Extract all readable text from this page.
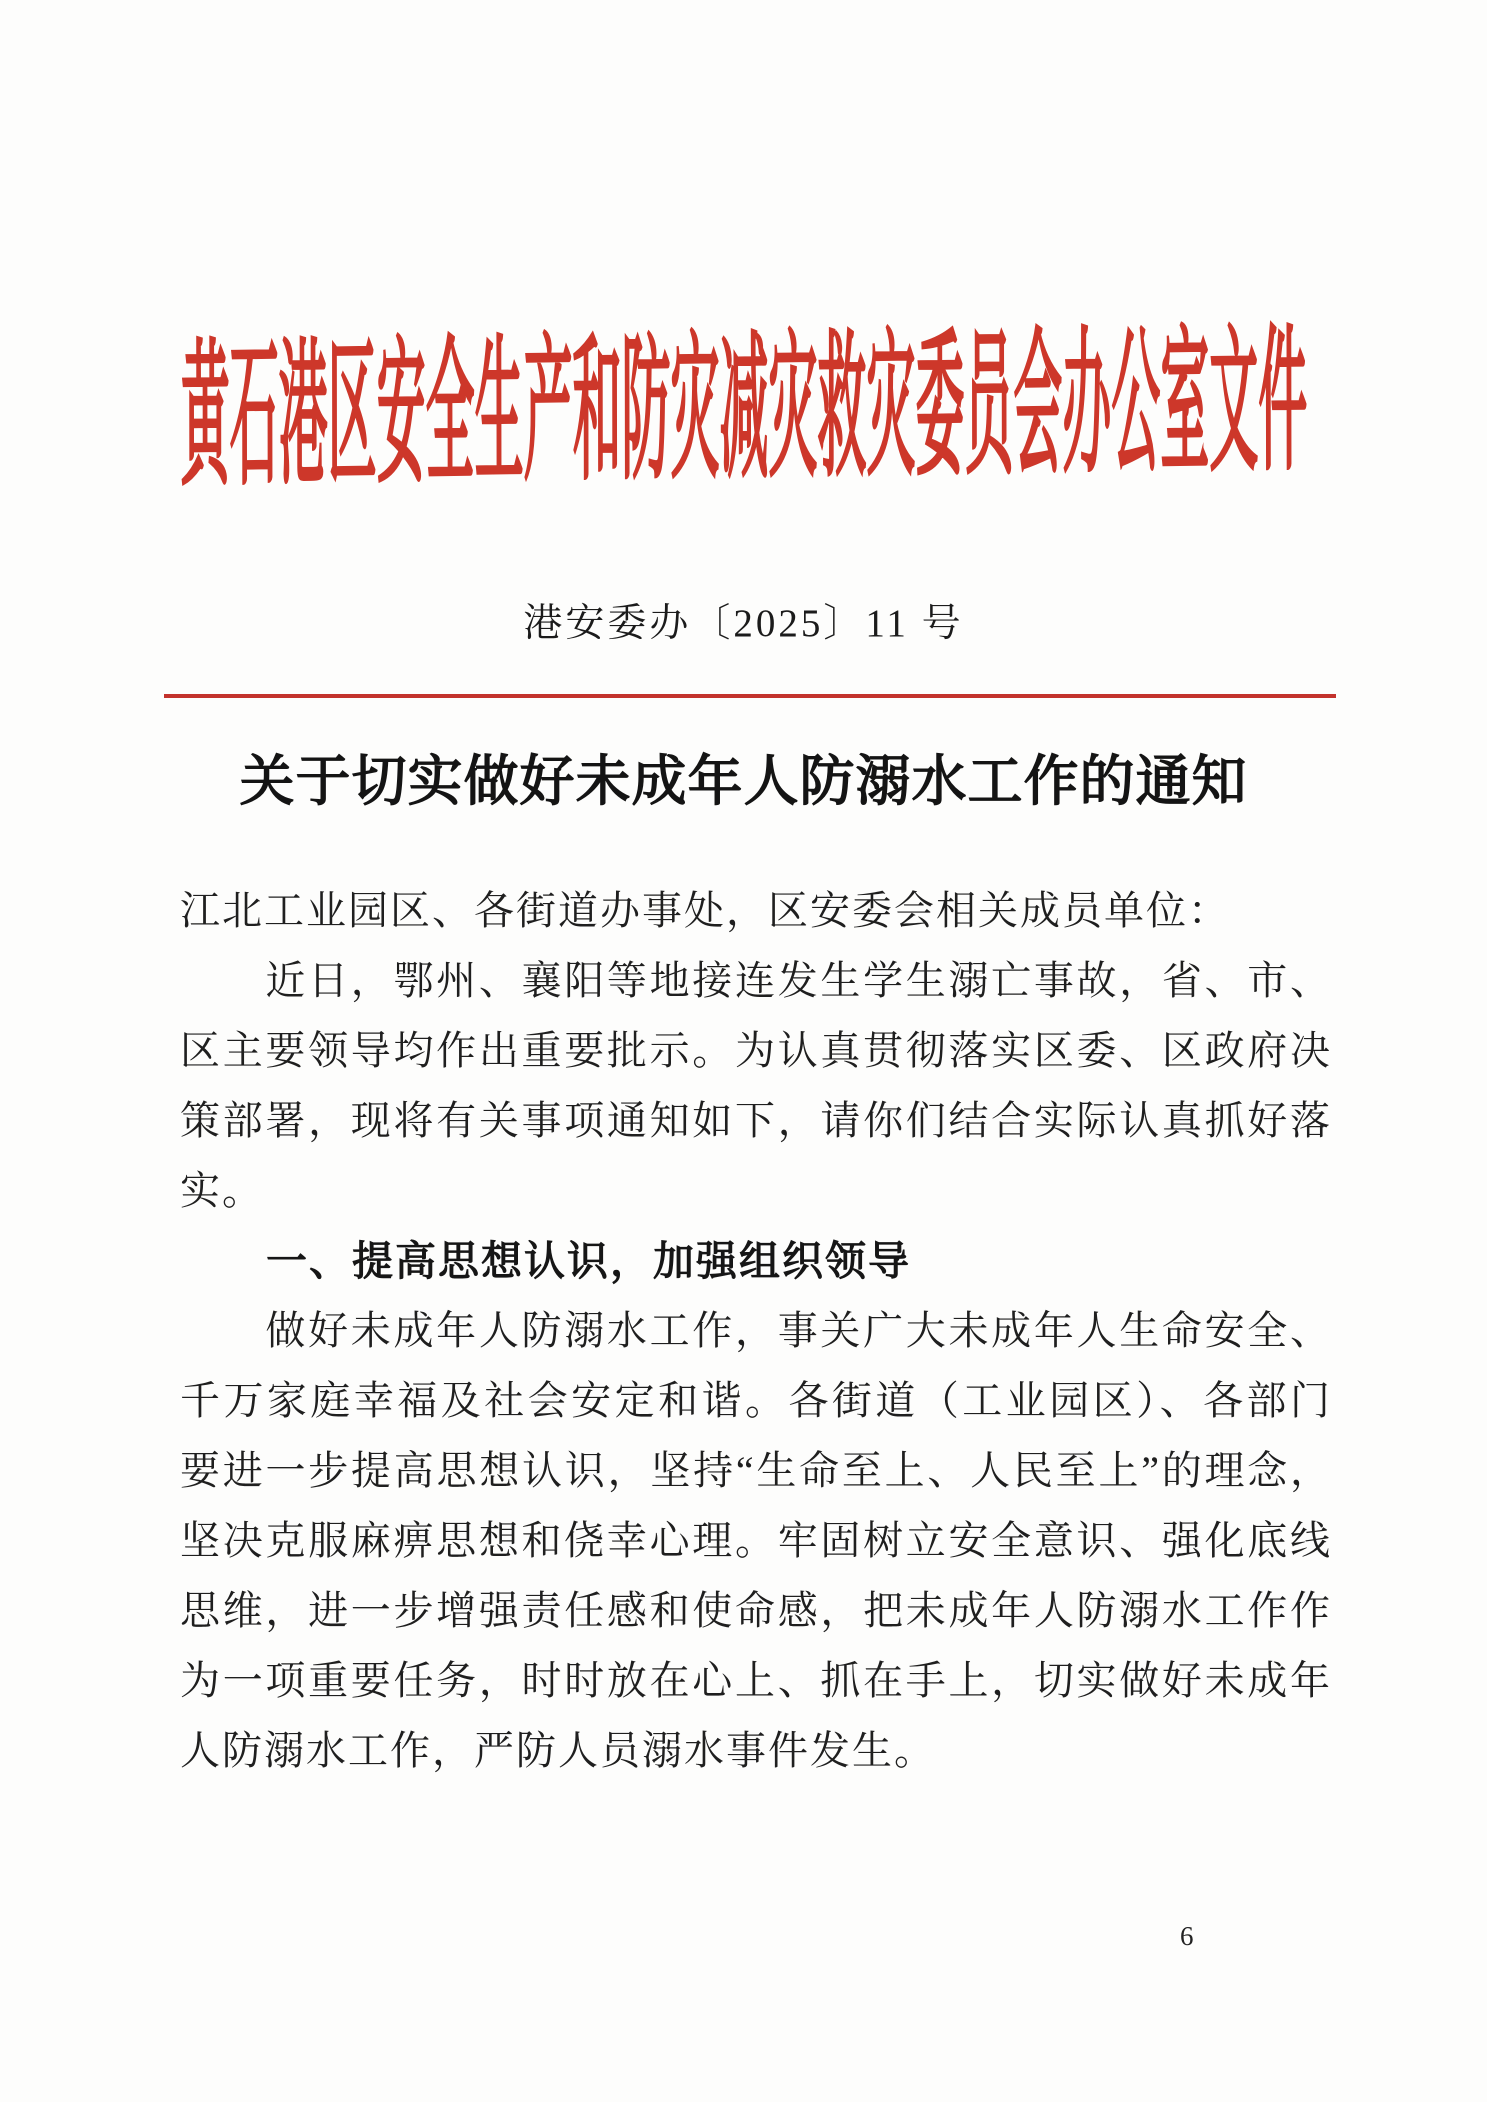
黄石港区安全生产和防灾减灾救灾委员会办公室文件
港安委办〔2025〕11 号
关于切实做好未成年人防溺水工作的通知
江北工业园区、各街道办事处，区安委会相关成员单位：
　　近日，鄂州、襄阳等地接连发生学生溺亡事故，省、市、
区主要领导均作出重要批示。为认真贯彻落实区委、区政府决
策部署，现将有关事项通知如下，请你们结合实际认真抓好落
实。
　　一、提高思想认识，加强组织领导
　　做好未成年人防溺水工作，事关广大未成年人生命安全、
千万家庭幸福及社会安定和谐。各街道（工业园区）、各部门
要进一步提高思想认识，坚持“生命至上、人民至上”的理念，
坚决克服麻痹思想和侥幸心理。牢固树立安全意识、强化底线
思维，进一步增强责任感和使命感，把未成年人防溺水工作作
为一项重要任务，时时放在心上、抓在手上，切实做好未成年
人防溺水工作，严防人员溺水事件发生。
6
